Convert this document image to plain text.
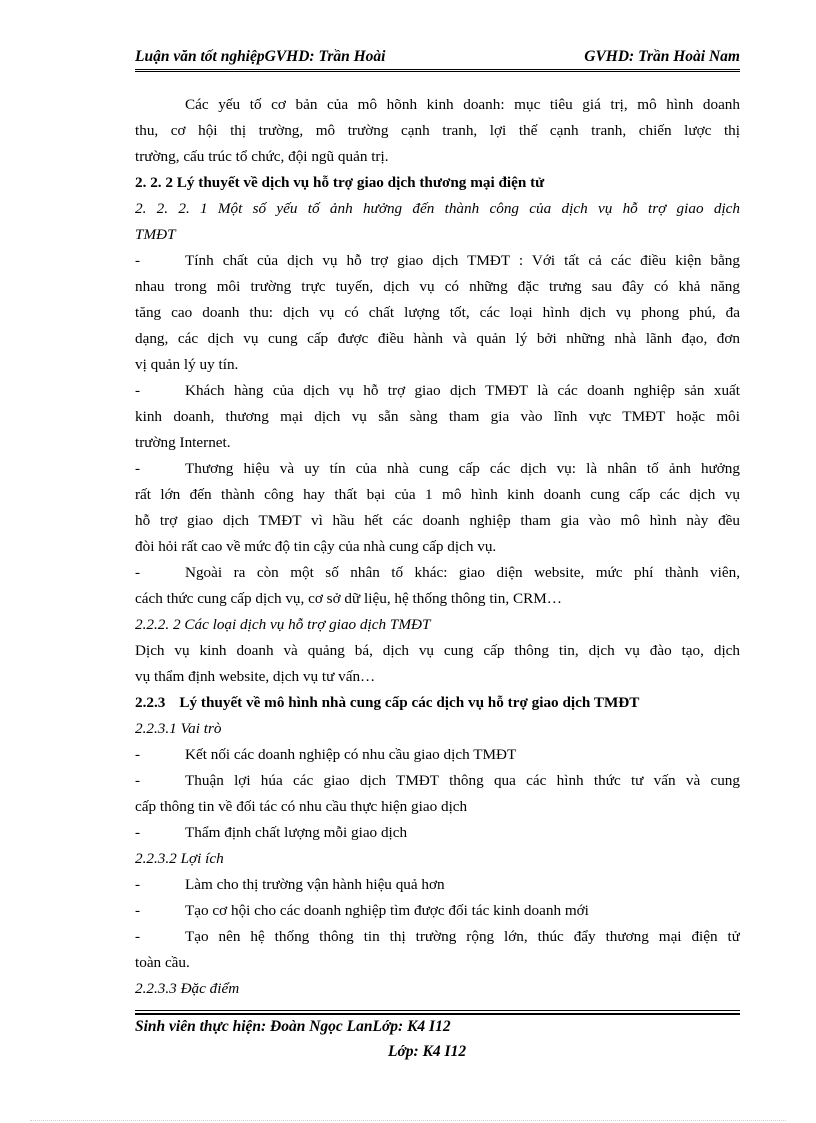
Luận văn tốt nghiệpGVHD: Trần Hoài	GVHD: Trần Hoài Nam
Các yếu tố cơ bản của mô hõnh kinh doanh: mục tiêu giá trị, mô hình doanh
thu, cơ hội thị trường, mô trường cạnh tranh, lợi thế cạnh tranh, chiến lược thị
trường, cấu trúc tổ chức, đội ngũ quản trị.
2. 2. 2 Lý thuyết về dịch vụ hỗ trợ giao dịch thương mại điện tử
2. 2. 2. 1 Một số yếu tố ảnh hưởng đến thành công của dịch vụ hỗ trợ giao dịch
TMĐT
-	Tính chất của dịch vụ hỗ trợ giao dịch TMĐT : Với tất cả các điều kiện bằng
nhau trong môi trường trực tuyến, dịch vụ có những đặc trưng sau đây có khả năng
tăng cao doanh thu: dịch vụ có chất lượng tốt, các loại hình dịch vụ phong phú, đa
dạng, các dịch vụ cung cấp được điều hành và quản lý bởi những nhà lãnh đạo, đơn
vị quản lý uy tín.
-	Khách hàng của dịch vụ hỗ trợ giao dịch TMĐT là các doanh nghiệp sản xuất
kinh doanh, thương mại dịch vụ sẵn sàng tham gia vào lĩnh vực TMĐT hoặc môi
trường Internet.
-	Thương hiệu và uy tín của nhà cung cấp các dịch vụ: là nhân tố ảnh hưởng
rất lớn đến thành công hay thất bại của 1 mô hình kinh doanh cung cấp các dịch vụ
hỗ trợ giao dịch TMĐT vì hầu hết các doanh nghiệp tham gia vào mô hình này đều
đòi hỏi rất cao về mức độ tin cậy của nhà cung cấp dịch vụ.
-	Ngoài ra còn một số nhân tố khác: giao diện website, mức phí thành viên,
cách thức cung cấp dịch vụ, cơ sở dữ liệu, hệ thống thông tin, CRM…
2.2.2. 2 Các loại dịch vụ hỗ trợ giao dịch TMĐT
Dịch vụ kinh doanh và quảng bá, dịch vụ cung cấp thông tin, dịch vụ đào tạo, dịch
vụ thẩm định website, dịch vụ tư vấn…
2.2.3 Lý thuyết về mô hình nhà cung cấp các dịch vụ hỗ trợ giao dịch TMĐT
2.2.3.1 Vai trò
-	Kết nối các doanh nghiệp có nhu cầu giao dịch TMĐT
-	Thuận lợi húa các giao dịch TMĐT thông qua các hình thức tư vấn và cung
cấp thông tin về đối tác có nhu cầu thực hiện giao dịch
-	Thẩm định chất lượng mỗi giao dịch
2.2.3.2 Lợi ích
-	Làm cho thị trường vận hành hiệu quả hơn
-	Tạo cơ hội cho các doanh nghiệp tìm được đối tác kinh doanh mới
-	Tạo nên hệ thống thông tin thị trường rộng lớn, thúc đẩy thương mại điện tử
toàn cầu.
2.2.3.3 Đặc điểm
Sinh viên thực hiện: Đoàn Ngọc LanLớp: K4 I12
Lớp: K4 I12
